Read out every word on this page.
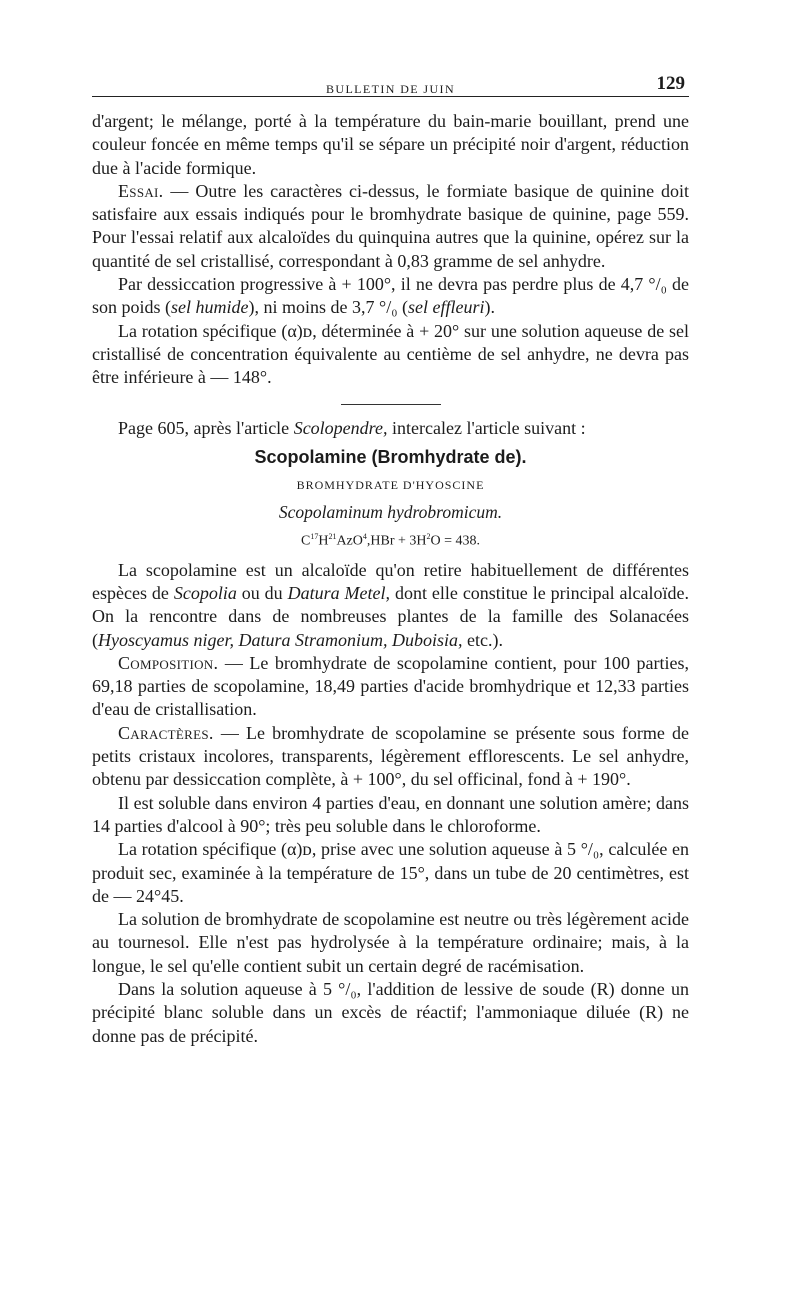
BULLETIN DE JUIN	129

d'argent; le mélange, porté à la température du bain-marie bouillant, prend une couleur foncée en même temps qu'il se sépare un précipité noir d'argent, réduction due à l'acide formique.

Essai. — Outre les caractères ci-dessus, le formiate basique de quinine doit satisfaire aux essais indiqués pour le bromhydrate basique de quinine, page 559. Pour l'essai relatif aux alcaloïdes du quinquina autres que la quinine, opérez sur la quantité de sel cristallisé, correspondant à 0,83 gramme de sel anhydre.

Par dessiccation progressive à + 100°, il ne devra pas perdre plus de 4,7 °/₀ de son poids (sel humide), ni moins de 3,7 °/₀ (sel effleuri).

La rotation spécifique (α)ᴅ, déterminée à + 20° sur une solution aqueuse de sel cristallisé de concentration équivalente au centième de sel anhydre, ne devra pas être inférieure à — 148°.

Page 605, après l'article Scolopendre, intercalez l'article suivant :

Scopolamine (Bromhydrate de).
BROMHYDRATE D'HYOSCINE
Scopolaminum hydrobromicum.
$C^{17}H^{21}AzO^4,HBr + 3H^2O = 438$.

La scopolamine est un alcaloïde qu'on retire habituellement de différentes espèces de Scopolia ou du Datura Metel, dont elle constitue le principal alcaloïde. On la rencontre dans de nombreuses plantes de la famille des Solanacées (Hyoscyamus niger, Datura Stramonium, Duboisia, etc.).

Composition. — Le bromhydrate de scopolamine contient, pour 100 parties, 69,18 parties de scopolamine, 18,49 parties d'acide bromhydrique et 12,33 parties d'eau de cristallisation.

Caractères. — Le bromhydrate de scopolamine se présente sous forme de petits cristaux incolores, transparents, légèrement efflorescents. Le sel anhydre, obtenu par dessiccation complète, à + 100°, du sel officinal, fond à + 190°.

Il est soluble dans environ 4 parties d'eau, en donnant une solution amère; dans 14 parties d'alcool à 90°; très peu soluble dans le chloroforme.

La rotation spécifique (α)ᴅ, prise avec une solution aqueuse à 5 °/₀, calculée en produit sec, examinée à la température de 15°, dans un tube de 20 centimètres, est de — 24°45.

La solution de bromhydrate de scopolamine est neutre ou très légèrement acide au tournesol. Elle n'est pas hydrolysée à la température ordinaire; mais, à la longue, le sel qu'elle contient subit un certain degré de racémisation.

Dans la solution aqueuse à 5 °/₀, l'addition de lessive de soude (R) donne un précipité blanc soluble dans un excès de réactif; l'ammoniaque diluée (R) ne donne pas de précipité.
